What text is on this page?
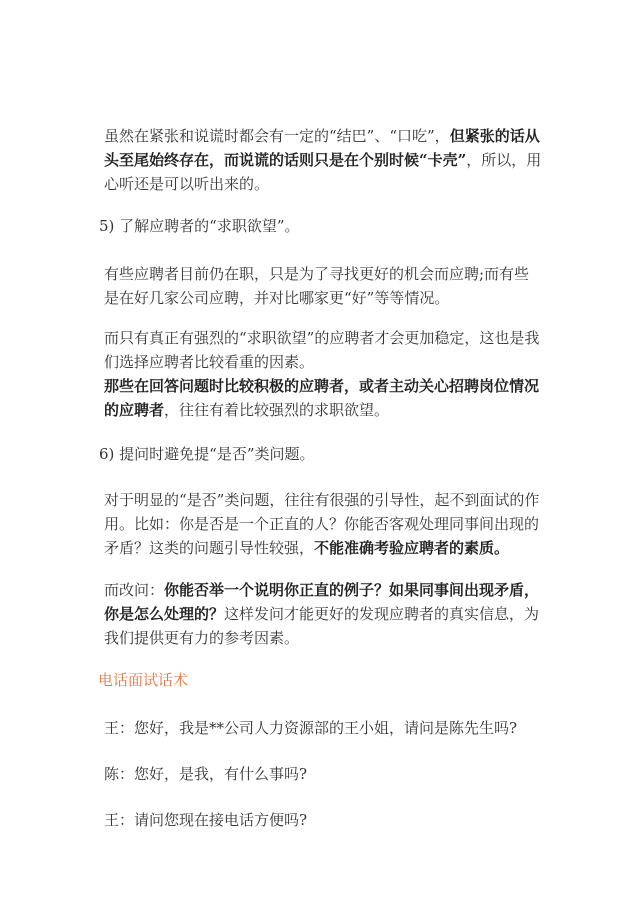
虽然在紧张和说谎时都会有一定的“结巴”、“口吃”，但紧张的话从头至尾始终存在，而说谎的话则只是在个别时候“卡壳”，所以，用心听还是可以听出来的。

5) 了解应聘者的“求职欲望”。

有些应聘者目前仍在职，只是为了寻找更好的机会而应聘;而有些是在好几家公司应聘，并对比哪家更“好”等等情况。

而只有真正有强烈的“求职欲望”的应聘者才会更加稳定，这也是我们选择应聘者比较看重的因素。

那些在回答问题时比较积极的应聘者，或者主动关心招聘岗位情况的应聘者，往往有着比较强烈的求职欲望。

6) 提问时避免提“是否”类问题。

对于明显的“是否”类问题，往往有很强的引导性，起不到面试的作用。比如：你是否是一个正直的人？你能否客观处理同事间出现的矛盾？这类的问题引导性较强，不能准确考验应聘者的素质。

而改问：你能否举一个说明你正直的例子？如果同事间出现矛盾，你是怎么处理的？这样发问才能更好的发现应聘者的真实信息，为我们提供更有力的参考因素。

电话面试话术

王：您好，我是**公司人力资源部的王小姐，请问是陈先生吗?

陈：您好，是我，有什么事吗?

王：请问您现在接电话方便吗?
